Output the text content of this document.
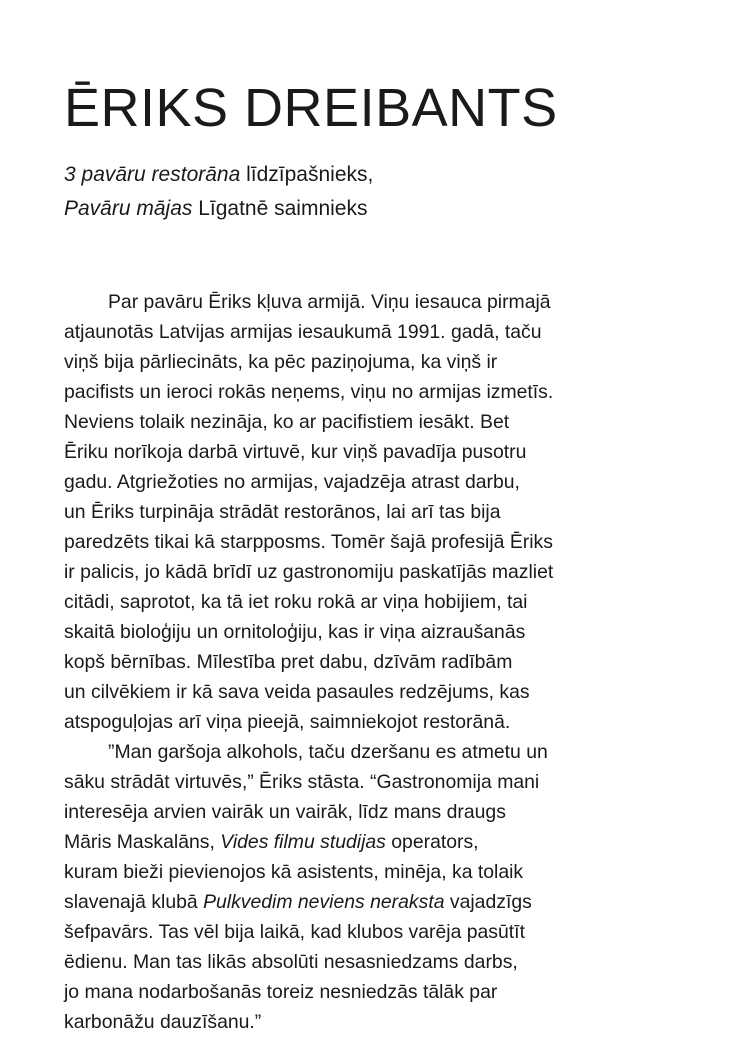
ĒRIKS DREIBANTS

3 pavāru restorāna līdzīpašnieks,
Pavāru mājas Līgatnē saimnieks

Par pavāru Ēriks kļuva armijā. Viņu iesauca pirmajā
atjaunotās Latvijas armijas iesaukumā 1991. gadā, taču
viņš bija pārliecināts, ka pēc paziņojuma, ka viņš ir
pacifists un ieroci rokās neņems, viņu no armijas izmetīs.
Neviens tolaik nezināja, ko ar pacifistiem iesākt. Bet
Ēriku norīkoja darbā virtuvē, kur viņš pavadīja pusotru
gadu. Atgriežoties no armijas, vajadzēja atrast darbu,
un Ēriks turpināja strādāt restorānos, lai arī tas bija
paredzēts tikai kā starpposms. Tomēr šajā profesijā Ēriks
ir palicis, jo kādā brīdī uz gastronomiju paskatījās mazliet
citādi, saprotot, ka tā iet roku rokā ar viņa hobijiem, tai
skaitā bioloģiju un ornitoloģiju, kas ir viņa aizraušanās
kopš bērnības. Mīlestība pret dabu, dzīvām radībām
un cilvēkiem ir kā sava veida pasaules redzējums, kas
atspoguļojas arī viņa pieejā, saimniekojot restorānā.
”Man garšoja alkohols, taču dzeršanu es atmetu un
sāku strādāt virtuvēs,” Ēriks stāsta. “Gastronomija mani
interesēja arvien vairāk un vairāk, līdz mans draugs
Māris Maskalāns, Vides filmu studijas operators,
kuram bieži pievienojos kā asistents, minēja, ka tolaik
slavenajā klubā Pulkvedim neviens neraksta vajadzīgs
šefpavārs. Tas vēl bija laikā, kad klubos varēja pasūtīt
ēdienu. Man tas likās absolūti nesasniedzams darbs,
jo mana nodarbošanās toreiz nesniedzās tālāk par
karbonāžu dauzīšanu.”
